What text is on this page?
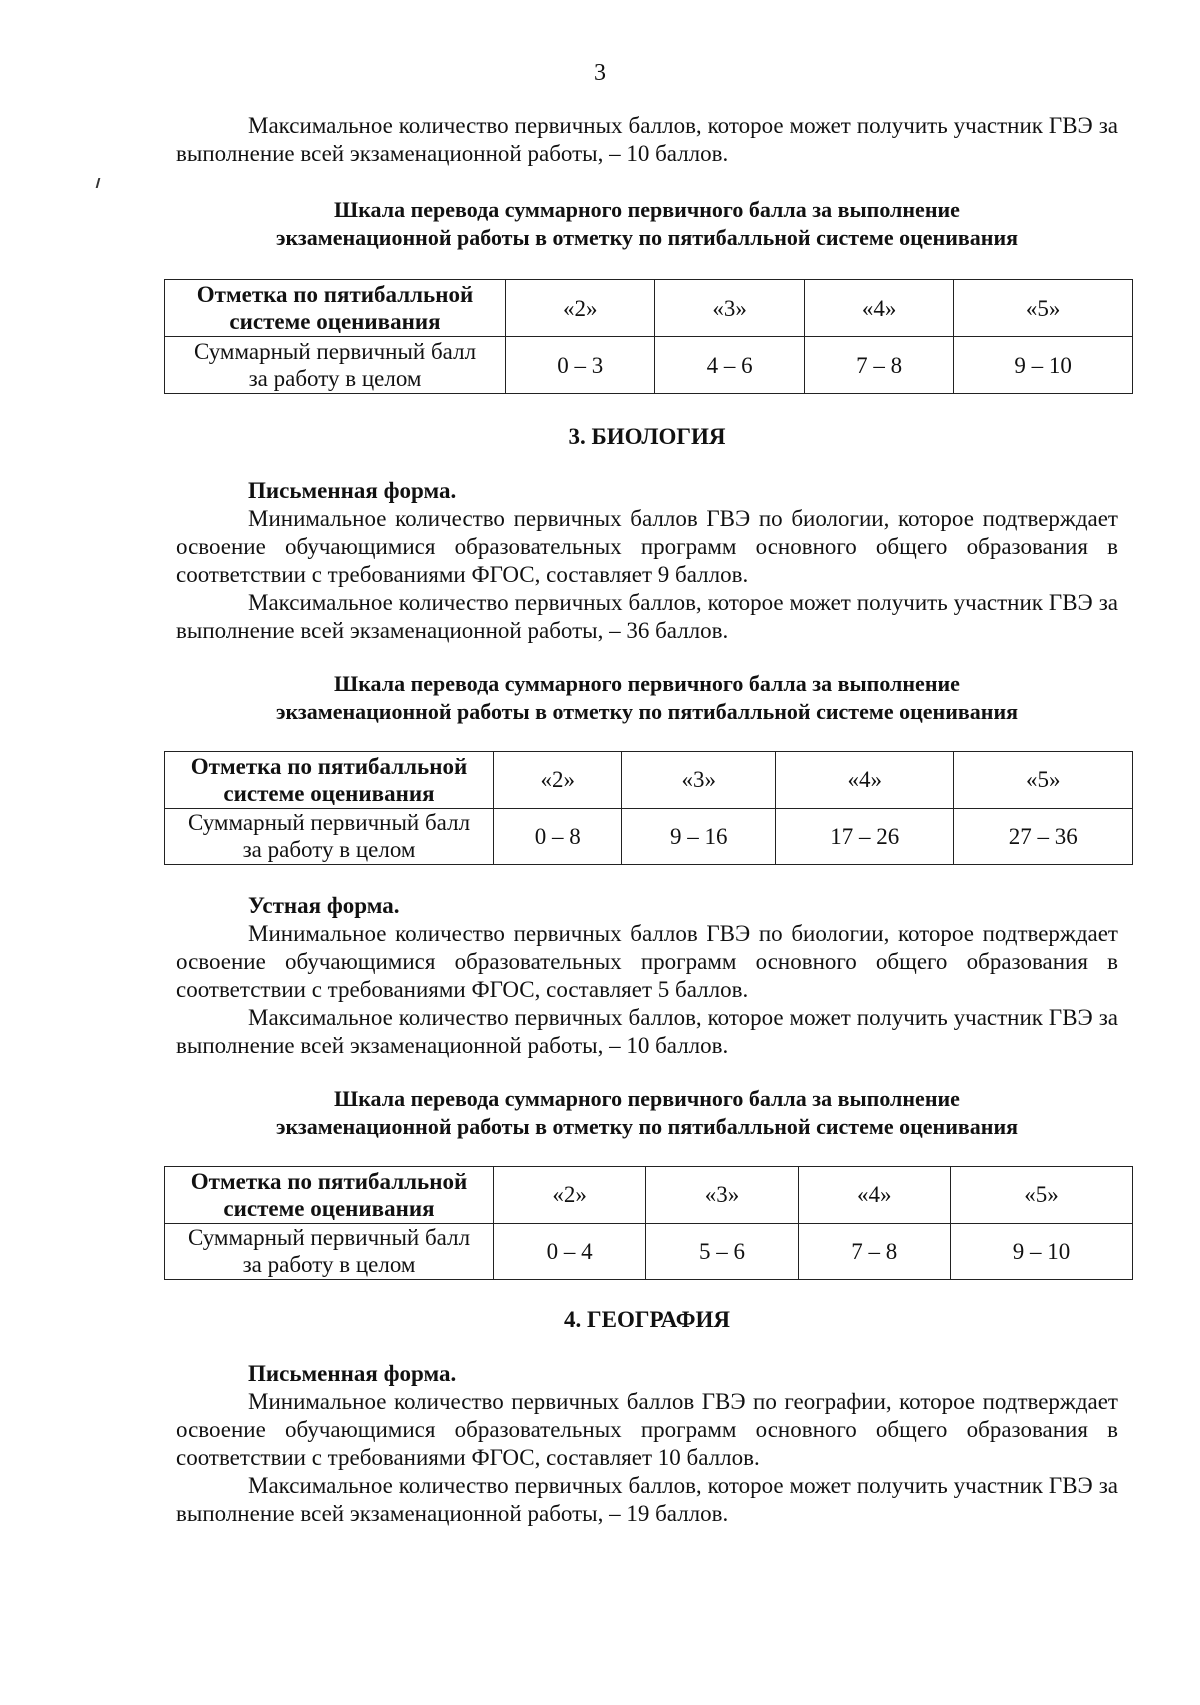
3
Максимальное количество первичных баллов, которое может получить участник ГВЭ за выполнение всей экзаменационной работы, – 10 баллов.
Шкала перевода суммарного первичного балла за выполнение
экзаменационной работы в отметку по пятибалльной системе оценивания
Отметка по пятибалльной
системе оценивания	«2»	«3»	«4»	«5»
Суммарный первичный балл
за работу в целом	0 – 3	4 – 6	7 – 8	9 – 10
3. БИОЛОГИЯ
Письменная форма.
Минимальное количество первичных баллов ГВЭ по биологии, которое подтверждает освоение обучающимися образовательных программ основного общего образования в соответствии с требованиями ФГОС, составляет 9 баллов.
Максимальное количество первичных баллов, которое может получить участник ГВЭ за выполнение всей экзаменационной работы, – 36 баллов.
Шкала перевода суммарного первичного балла за выполнение
экзаменационной работы в отметку по пятибалльной системе оценивания
Отметка по пятибалльной
системе оценивания	«2»	«3»	«4»	«5»
Суммарный первичный балл
за работу в целом	0 – 8	9 – 16	17 – 26	27 – 36
Устная форма.
Минимальное количество первичных баллов ГВЭ по биологии, которое подтверждает освоение обучающимися образовательных программ основного общего образования в соответствии с требованиями ФГОС, составляет 5 баллов.
Максимальное количество первичных баллов, которое может получить участник ГВЭ за выполнение всей экзаменационной работы, – 10 баллов.
Шкала перевода суммарного первичного балла за выполнение
экзаменационной работы в отметку по пятибалльной системе оценивания
Отметка по пятибалльной
системе оценивания	«2»	«3»	«4»	«5»
Суммарный первичный балл
за работу в целом	0 – 4	5 – 6	7 – 8	9 – 10
4. ГЕОГРАФИЯ
Письменная форма.
Минимальное количество первичных баллов ГВЭ по географии, которое подтверждает освоение обучающимися образовательных программ основного общего образования в соответствии с требованиями ФГОС, составляет 10 баллов.
Максимальное количество первичных баллов, которое может получить участник ГВЭ за выполнение всей экзаменационной работы, – 19 баллов.
